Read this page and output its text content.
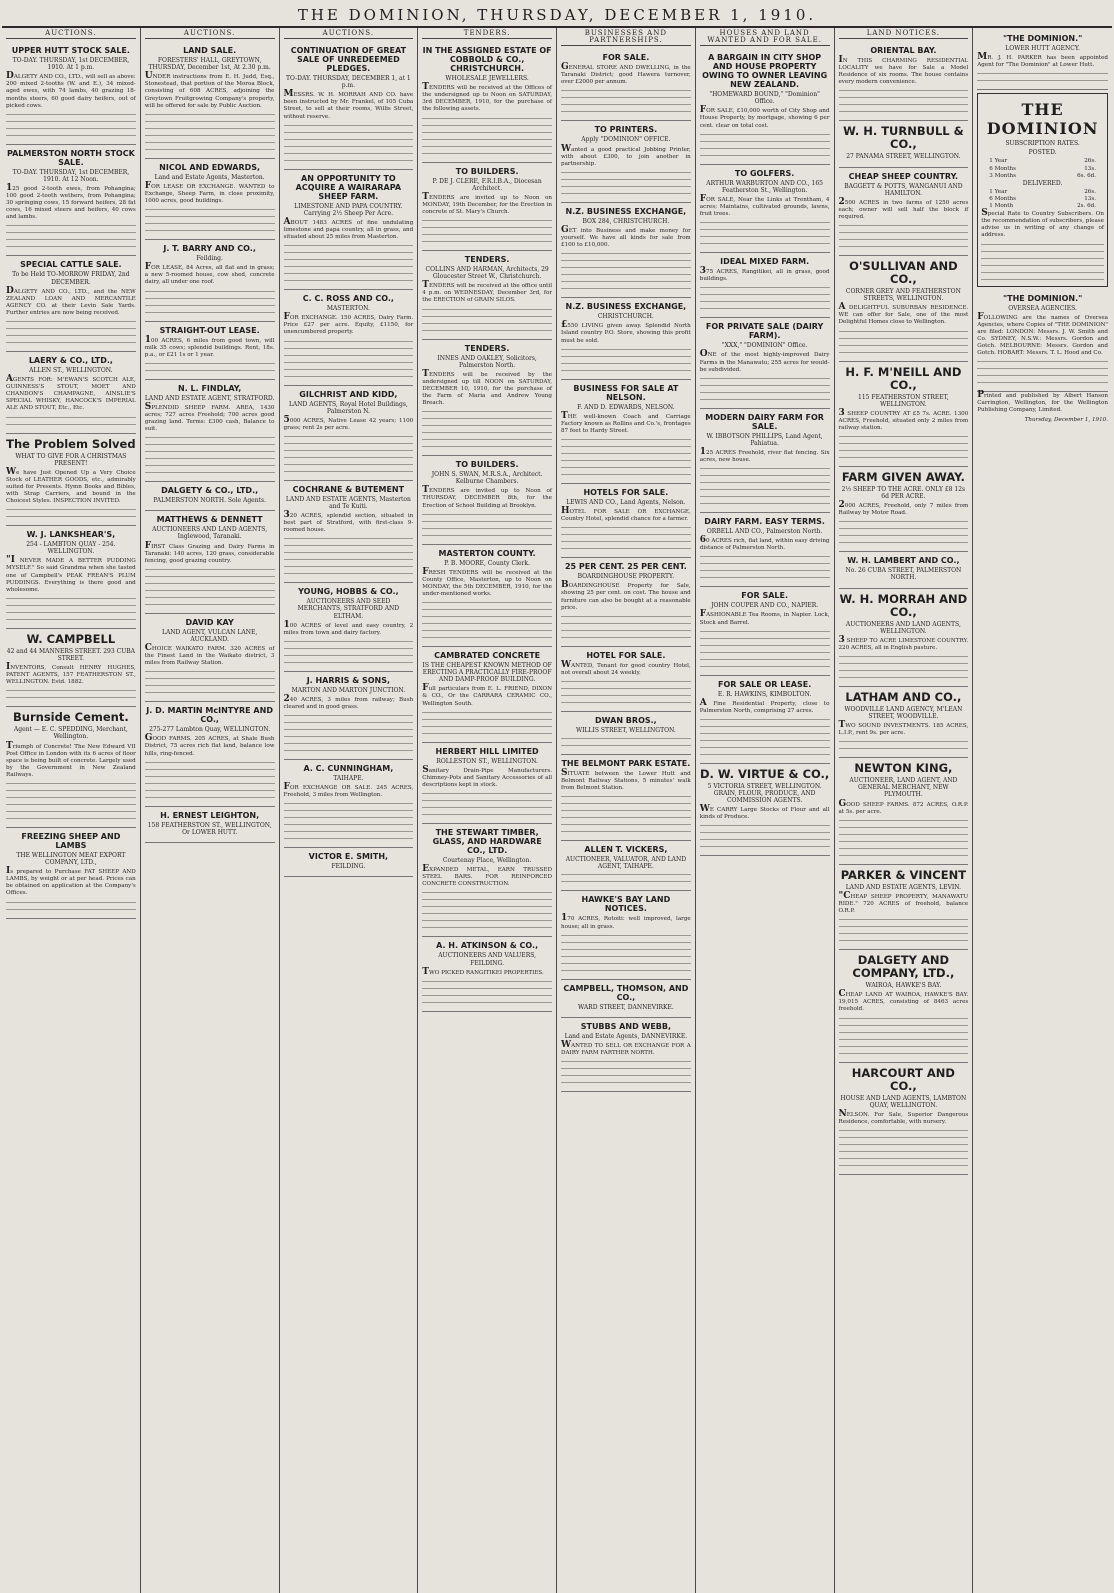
THE DOMINION, THURSDAY, DECEMBER 1, 1910.
AUCTIONS.
UPPER HUTT STOCK SALE.
TO-DAY. THURSDAY, 1st DECEMBER, 1910. At 1 p.m.
DALGETY AND CO., LTD., will sell as above: 200 mixed 2-tooths (W. and E.), 34 mixed-aged ewes, with 74 lambs, 40 grazing 18-months steers, 60 good dairy heifers, out of picked cows.
PALMERSTON NORTH STOCK SALE.
TO-DAY. THURSDAY, 1st DECEMBER, 1910. At 12 Noon.
125 good 2-tooth ewes, from Pohangina; 100 good 2-tooth wethers, from Pohangina; 30 springing cows, 15 forward heifers, 28 fat cows, 16 mixed steers and heifers, 40 cows and lambs.
SPECIAL CATTLE SALE.
To be Held TO-MORROW FRIDAY, 2nd DECEMBER.
DALGETY AND CO., LTD., and the NEW ZEALAND LOAN AND MERCANTILE AGENCY CO. at their Levin Sale Yards. Further entries are now being received.
LAERY & CO., LTD.,
ALLEN ST., WELLINGTON.
AGENTS FOR: M'EWAN'S SCOTCH ALE, GUINNESS'S STOUT, MOET AND CHANDON'S CHAMPAGNE, AINSLIE'S SPECIAL WHISKY, HANCOCK'S IMPERIAL ALE AND STOUT, Etc., Etc.
The Problem Solved
WHAT TO GIVE FOR A CHRISTMAS PRESENT!
We have Just Opened Up a Very Choice Stock of LEATHER GOODS, etc., admirably suited for Presents. Hymn Books and Bibles, with Strap Carriers, and bound in the Choicest Styles. INSPECTION INVITED.
W. J. LANKSHEAR'S,
254 - LAMBTON QUAY - 254. WELLINGTON.
"I NEVER MADE A BETTER PUDDING MYSELF." So said Grandma when she tasted one of Campbell's PEAK FREAN'S PLUM PUDDINGS. Everything is there good and wholesome.
W. CAMPBELL
42 and 44 MANNERS STREET. 293 CUBA STREET.
INVENTORS, Consult HENRY HUGHES, PATENT AGENTS, 157 FEATHERSTON ST., WELLINGTON. Estd. 1882.
Burnside Cement.
Agent — E. C. SPEDDING, Merchant, Wellington.
Triumph of Concrete! The New Edward VII Post Office in London with its 6 acres of floor space is being built of concrete. Largely used by the Government in New Zealand Railways.
FREEZING SHEEP AND LAMBS
THE WELLINGTON MEAT EXPORT COMPANY, LTD.,
Is prepared to Purchase FAT SHEEP AND LAMBS, by weight or at per head. Prices can be obtained on application at the Company's Offices.
AUCTIONS.
LAND SALE.
FORESTERS' HALL, GREYTOWN, THURSDAY, December 1st, At 2.30 p.m.
UNDER instructions from E. H. Judd, Esq., Stonestead, that portion of the Moroa Block, consisting of 608 ACRES, adjoining the Greytown Fruitgrowing Company's property, will be offered for sale by Public Auction.
NICOL AND EDWARDS,
Land and Estate Agents, Masterton.
FOR LEASE OR EXCHANGE. WANTED to Exchange, Sheep Farm, in close proximity, 1000 acres, good buildings.
J. T. BARRY AND CO.,
Feilding.
FOR LEASE, 84 Acres, all flat and in grass; a new 5-roomed house, cow shed, concrete dairy, all under one roof.
STRAIGHT-OUT LEASE.
100 ACRES, 6 miles from good town, will milk 35 cows; splendid buildings. Rent, 18s. p.a., or £21 1s or 1 year.
N. L. FINDLAY,
LAND AND ESTATE AGENT, STRATFORD.
SPLENDID SHEEP FARM. AREA, 1430 acres; 727 acres Freehold; 700 acres good grazing land. Terms: £300 cash, Balance to suit.
DALGETY & CO., LTD.,
PALMERSTON NORTH. Sole Agents.
MATTHEWS & DENNETT
AUCTIONEERS AND LAND AGENTS, Inglewood, Taranaki.
FIRST Class Grazing and Dairy Farms in Taranaki: 140 acres, 120 grass, considerable fencing, good grazing country.
DAVID KAY
LAND AGENT, VULCAN LANE, AUCKLAND.
CHOICE WAIKATO FARM. 320 ACRES of the Finest Land in the Waikato district, 3 miles from Railway Station.
J. D. MARTIN McINTYRE AND CO.,
275-277 Lambton Quay, WELLINGTON.
GOOD FARMS. 205 ACRES, at Shale Bush District, 75 acres rich flat land, balance low hills, ring-fenced.
H. ERNEST LEIGHTON,
158 FEATHERSTON ST., WELLINGTON, Or LOWER HUTT.
AUCTIONS.
CONTINUATION OF GREAT SALE OF UNREDEEMED PLEDGES.
TO-DAY. THURSDAY, DECEMBER 1, at 1 p.m.
MESSRS. W. H. MORRAH AND CO. have been instructed by Mr. Frankel, of 105 Cuba Street, to sell at their rooms, Willis Street, without reserve.
AN OPPORTUNITY TO ACQUIRE A WAIRARAPA SHEEP FARM.
LIMESTONE AND PAPA COUNTRY. Carrying 2½ Sheep Per Acre.
ABOUT 1483 ACRES of fine undulating limestone and papa country, all in grass, and situated about 25 miles from Masterton.
C. C. ROSS AND CO.,
MASTERTON.
FOR EXCHANGE. 150 ACRES, Dairy Farm. Price £27 per acre. Equity, £1150, for unencumbered property.
GILCHRIST AND KIDD,
LAND AGENTS, Royal Hotel Buildings, Palmerston N.
5000 ACRES, Native Lease 42 years; 1100 grass; rent 2s per acre.
COCHRANE & BUTEMENT
LAND AND ESTATE AGENTS, Masterton and Te Kuiti.
320 ACRES, splendid section, situated in best part of Stratford, with first-class 9-roomed house.
YOUNG, HOBBS & CO.,
AUCTIONEERS AND SEED MERCHANTS, STRATFORD AND ELTHAM.
100 ACRES of level and easy country, 2 miles from town and dairy factory.
J. HARRIS & SONS,
MARTON AND MARTON JUNCTION.
240 ACRES, 3 miles from railway; Bush cleared and in good grass.
A. C. CUNNINGHAM,
TAIHAPE.
FOR EXCHANGE OR SALE. 245 ACRES, Freehold, 3 miles from Wellington.
VICTOR E. SMITH,
FEILDING.
TENDERS.
IN THE ASSIGNED ESTATE OF COBBOLD & CO., CHRISTCHURCH.
WHOLESALE JEWELLERS.
TENDERS will be received at the Offices of the undersigned up to Noon on SATURDAY, 3rd DECEMBER, 1910, for the purchase of the following assets.
TO BUILDERS.
P. DE J. CLERE, F.R.I.B.A., Diocesan Architect.
TENDERS are invited up to Noon on MONDAY, 19th December, for the Erection in concrete of St. Mary's Church.
TENDERS.
COLLINS AND HARMAN, Architects, 29 Gloucester Street W., Christchurch.
TENDERS will be received at the office until 4 p.m. on WEDNESDAY, December 3rd, for the ERECTION of GRAIN SILOS.
TENDERS.
INNES AND OAKLEY, Solicitors, Palmerston North.
TENDERS will be received by the undersigned up till NOON on SATURDAY, DECEMBER 10, 1910, for the purchase of the Farm of Maria and Andrew Young Breach.
TO BUILDERS.
JOHN S. SWAN, M.R.S.A., Architect. Kelburne Chambers.
TENDERS are invited up to Noon of THURSDAY, DECEMBER 8th, for the Erection of School Building at Brooklyn.
MASTERTON COUNTY.
P. B. MOORE, County Clerk.
FRESH TENDERS will be received at the County Office, Masterton, up to Noon on MONDAY, the 5th DECEMBER, 1910, for the under-mentioned works.
CAMBRATED CONCRETE
IS THE CHEAPEST KNOWN METHOD OF ERECTING A PRACTICALLY FIRE-PROOF AND DAMP-PROOF BUILDING.
Full particulars from E. L. FRIEND, DIXON & CO., Or the CARRARA CERAMIC CO., Wellington South.
HERBERT HILL LIMITED
ROLLESTON ST., WELLINGTON.
Sanitary Drain-Pipe Manufacturers. Chimney-Pots and Sanitary Accessories of all descriptions kept in stock.
THE STEWART TIMBER, GLASS, AND HARDWARE CO., LTD.
Courtenay Place, Wellington.
EXPANDED METAL, EARN TRUSSED STEEL BARS. FOR REINFORCED CONCRETE CONSTRUCTION.
A. H. ATKINSON & CO.,
AUCTIONEERS AND VALUERS, FEILDING.
TWO PICKED RANGITIKEI PROPERTIES.
BUSINESSES AND PARTNERSHIPS.
FOR SALE.
GENERAL STORE AND DWELLING, in the Taranaki District; good Hawera turnover, over £2000 per annum.
TO PRINTERS.
Apply "DOMINION" OFFICE.
Wanted a good practical Jobbing Printer, with about £300, to join another in partnership.
N.Z. BUSINESS EXCHANGE,
BOX 284, CHRISTCHURCH.
GET into Business and make money for yourself. We have all kinds for sale from £100 to £10,000.
N.Z. BUSINESS EXCHANGE,
CHRISTCHURCH.
£550 LIVING given away. Splendid North Island country P.O. Store, showing this profit must be sold.
BUSINESS FOR SALE AT NELSON.
F. AND D. EDWARDS, NELSON.
THE well-known Coach and Carriage Factory known as Rollins and Co.'s, frontages 87 feet to Hardy Street.
HOTELS FOR SALE.
LEWIS AND CO., Land Agents, Nelson.
HOTEL FOR SALE OR EXCHANGE, Country Hotel, splendid chance for a farmer.
25 PER CENT. 25 PER CENT.
BOARDINGHOUSE PROPERTY.
BOARDINGHOUSE Property for Sale, showing 25 per cent. on cost. The house and furniture can also be bought at a reasonable price.
HOTEL FOR SALE.
WANTED, Tenant for good country Hotel, not overall about 24 weekly.
DWAN BROS.,
WILLIS STREET, WELLINGTON.
THE BELMONT PARK ESTATE.
SITUATE between the Lower Hutt and Belmont Railway Stations, 5 minutes' walk from Belmont Station.
ALLEN T. VICKERS,
AUCTIONEER, VALUATOR, AND LAND AGENT, TAIHAPE.
HAWKE'S BAY LAND NOTICES.
170 ACRES, Rotoiti: well improved, large house; all in grass.
CAMPBELL, THOMSON, AND CO.,
WARD STREET, DANNEVIRKE.
STUBBS AND WEBB,
Land and Estate Agents, DANNEVIRKE.
WANTED TO SELL OR EXCHANGE FOR A DAIRY FARM FARTHER NORTH.
HOUSES AND LAND WANTED AND FOR SALE.
A BARGAIN IN CITY SHOP AND HOUSE PROPERTY OWING TO OWNER LEAVING NEW ZEALAND.
"HOMEWARD BOUND," "Dominion" Office.
FOR SALE, £10,000 worth of City Shop and House Property, by mortgage, showing 6 per cent. clear on total cost.
TO GOLFERS.
ARTHUR WARBURTON AND CO., 165 Featherston St., Wellington.
FOR SALE, Near the Links at Trentham, 4 acres; Maintains, cultivated grounds, lawns, fruit trees.
IDEAL MIXED FARM.
375 ACRES, Rangitikei, all in grass, good buildings.
FOR PRIVATE SALE (DAIRY FARM).
"XXX," "DOMINION" Office.
ONE of the most highly-improved Dairy Farms in the Manawatu; 255 acres for would-be subdivided.
MODERN DAIRY FARM FOR SALE.
W. IBBOTSON PHILLIPS, Land Agent, Pahiatua.
125 ACRES Freehold, river flat fencing. Six acres, new house.
DAIRY FARM. EASY TERMS.
ORBELL AND CO., Palmerston North.
60 ACRES rich, flat land, within easy driving distance of Palmerston North.
FOR SALE.
JOHN COUPER AND CO., NAPIER.
FASHIONABLE Tea Rooms, in Napier. Lock, Stock and Barrel.
FOR SALE OR LEASE.
E. R. HAWKINS, KIMBOLTON.
A Fine Residential Property, close to Palmerston North, comprising 27 acres.
D. W. VIRTUE & CO.,
5 VICTORIA STREET, WELLINGTON. GRAIN, FLOUR, PRODUCE, AND COMMISSION AGENTS.
WE CARRY Large Stocks of Flour and all kinds of Produce.
LAND NOTICES.
ORIENTAL BAY.
IN THIS CHARMING RESIDENTIAL LOCALITY we have for Sale a Model Residence of six rooms. The house contains every modern convenience.
W. H. TURNBULL & CO.,
27 PANAMA STREET, WELLINGTON.
CHEAP SHEEP COUNTRY.
BAGGETT & POTTS, WANGANUI AND HAMILTON.
2500 ACRES in two farms of 1250 acres each; owner will sell half the block if required.
O'SULLIVAN AND CO.,
CORNER GREY AND FEATHERSTON STREETS, WELLINGTON.
A DELIGHTFUL SUBURBAN RESIDENCE. WE can offer for Sale, one of the most Delightful Homes close to Wellington.
H. F. M'NEILL AND CO.,
115 FEATHERSTON STREET, WELLINGTON.
3 SHEEP COUNTRY AT £5 7s. ACRE. 1300 ACRES, Freehold, situated only 2 miles from railway station.
FARM GIVEN AWAY.
2½ SHEEP TO THE ACRE. ONLY £8 12s 6d PER ACRE.
2000 ACRES, Freehold, only 7 miles from Railway by Motor Road.
W. H. LAMBERT AND CO.,
No. 26 CUBA STREET, PALMERSTON NORTH.
W. H. MORRAH AND CO.,
AUCTIONEERS AND LAND AGENTS, WELLINGTON.
3 SHEEP TO ACRE LIMESTONE COUNTRY. 220 ACRES, all in English pasture.
LATHAM AND CO.,
WOODVILLE LAND AGENCY, M'LEAN STREET, WOODVILLE.
TWO SOUND INVESTMENTS. 185 ACRES, L.I.P., rent 9s. per acre.
NEWTON KING,
AUCTIONEER, LAND AGENT, AND GENERAL MERCHANT, NEW PLYMOUTH.
GOOD SHEEP FARMS. 872 ACRES, O.R.P. at 5s. per acre.
PARKER & VINCENT
LAND AND ESTATE AGENTS, LEVIN.
"CHEAP SHEEP PROPERTY, MANAWATU RIDE." 720 ACRES of freehold, balance O.R.P.
DALGETY AND COMPANY, LTD.,
WAIROA, HAWKE'S BAY.
CHEAP LAND AT WAIROA, HAWKE'S BAY. 19,015 ACRES, consisting of 8463 acres freehold.
HARCOURT AND CO.,
HOUSE AND LAND AGENTS, LAMBTON QUAY, WELLINGTON.
NELSON. For Sale, Superior Dangerous Residence, comfortable, with nursery.
"THE DOMINION."
LOWER HUTT AGENCY.
MR. J. H. PARKER has been appointed Agent for "The Dominion" at Lower Hutt.
THE DOMINION
SUBSCRIPTION RATES.
POSTED.
1 Year	26s.
6 Months	13s.
3 Months	6s. 6d.
DELIVERED.
1 Year	26s.
6 Months	13s.
1 Month	2s. 6d.
Special Rate to Country Subscribers. On the recommendation of subscribers, please advise us in writing of any change of address.
"THE DOMINION."
OVERSEA AGENCIES.
FOLLOWING are the names of Oversea Agencies, where Copies of "THE DOMINION" are filed: LONDON: Messrs. J. W. Smith and Co. SYDNEY, N.S.W.: Messrs. Gordon and Gotch. MELBOURNE: Messrs. Gordon and Gotch. HOBART: Messrs. T. L. Hood and Co.
Printed and published by Albert Hanson Carrington, Wellington, for the Wellington Publishing Company, Limited.
Thursday, December 1, 1910.
